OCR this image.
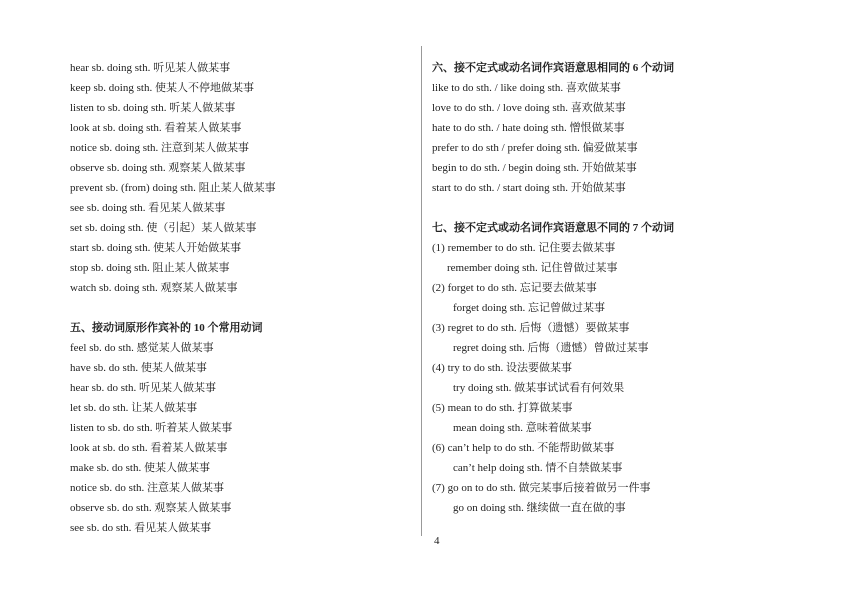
hear sb. doing sth. 听见某人做某事
keep sb. doing sth. 使某人不停地做某事
listen to sb. doing sth. 听某人做某事
look at sb. doing sth. 看着某人做某事
notice sb. doing sth. 注意到某人做某事
observe sb. doing sth. 观察某人做某事
prevent sb. (from) doing sth. 阻止某人做某事
see sb. doing sth. 看见某人做某事
set sb. doing sth. 使（引起）某人做某事
start sb. doing sth. 使某人开始做某事
stop sb. doing sth. 阻止某人做某事
watch sb. doing sth. 观察某人做某事
五、接动词原形作宾补的 10 个常用动词
feel sb. do sth. 感觉某人做某事
have sb. do sth. 使某人做某事
hear sb. do sth. 听见某人做某事
let sb. do sth. 让某人做某事
listen to sb. do sth. 听着某人做某事
look at sb. do sth. 看着某人做某事
make sb. do sth. 使某人做某事
notice sb. do sth. 注意某人做某事
observe sb. do sth. 观察某人做某事
see sb. do sth. 看见某人做某事
六、接不定式或动名词作宾语意思相同的 6 个动词
like to do sth. / like doing sth. 喜欢做某事
love to do sth. / love doing sth. 喜欢做某事
hate to do sth. / hate doing sth. 憎恨做某事
prefer to do sth / prefer doing sth. 偏爱做某事
begin to do sth. / begin doing sth. 开始做某事
start to do sth. / start doing sth. 开始做某事
七、接不定式或动名词作宾语意思不同的 7 个动词
(1) remember to do sth. 记住要去做某事
remember doing sth. 记住曾做过某事
(2) forget to do sth. 忘记要去做某事
forget doing sth. 忘记曾做过某事
(3) regret to do sth. 后悔（遗憾）要做某事
regret doing sth. 后悔（遗憾）曾做过某事
(4) try to do sth. 设法要做某事
try doing sth. 做某事试试看有何效果
(5) mean to do sth. 打算做某事
mean doing sth. 意味着做某事
(6) can’t help to do sth. 不能帮助做某事
can’t help doing sth. 情不自禁做某事
(7) go on to do sth. 做完某事后接着做另一件事
go on doing sth. 继续做一直在做的事
4
